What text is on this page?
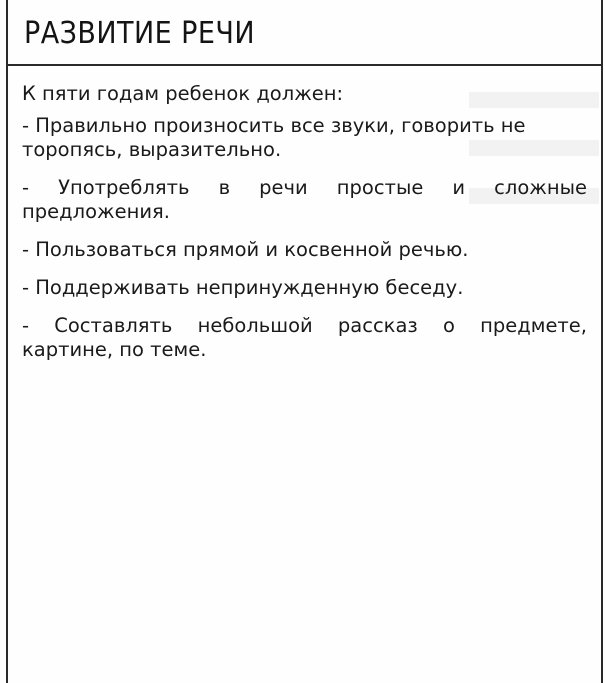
РАЗВИТИЕ РЕЧИ

К пяти годам ребенок должен:

- Правильно произносить все звуки, говорить не торопясь, выразительно.
- Употреблять в речи простые и сложные предложения.
- Пользоваться прямой и косвенной речью.
- Поддерживать непринужденную беседу.
- Составлять небольшой рассказ о предмете, картине, по теме.
